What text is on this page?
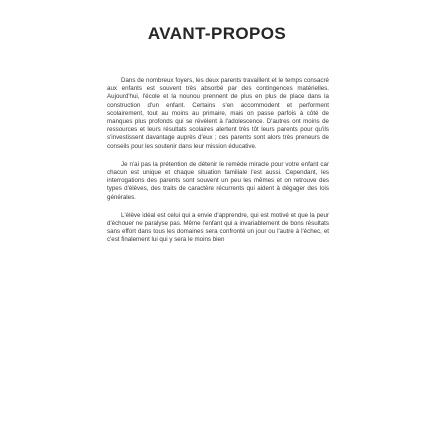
AVANT-PROPOS

Dans de nombreux foyers, les deux parents travaillent et le temps consacré aux enfants est souvent très absorbé par des contingences matérielles. Aujourd'hui, l'école et la nounou prennent de plus en plus de place dans la construction d'un enfant. Certains s'en accommodent et performent scolairement, tout au moins au primaire, mais on passe parfois à côté de manques plus profonds qui se révèlent à l'adolescence. D'autres ont moins de ressources et leurs résultats scolaires alertent très tôt leurs parents pour qu'ils s'investissent davantage auprès d'eux ; ces parents sont alors très preneurs de conseils pour les soutenir dans leur mission éducative.

Je n'ai pas la prétention de détenir le remède miracle pour votre enfant car chacun est unique et chaque situation familiale l'est aussi. Cependant, les interrogations des parents sont souvent un peu les mêmes et on retrouve des types d'élèves, des traits de caractère récurrents qui aident à dégager des lois générales.

L'élève idéal est celui qui a envie d'apprendre, qui est motivé et que la peur d'échouer ne paralyse pas. Même l'enfant qui a invariablement de bons résultats sans effort dans tous les domaines sera confronté un jour ou l'autre à l'échec, et c'est finalement lui qui y sera le moins bien
